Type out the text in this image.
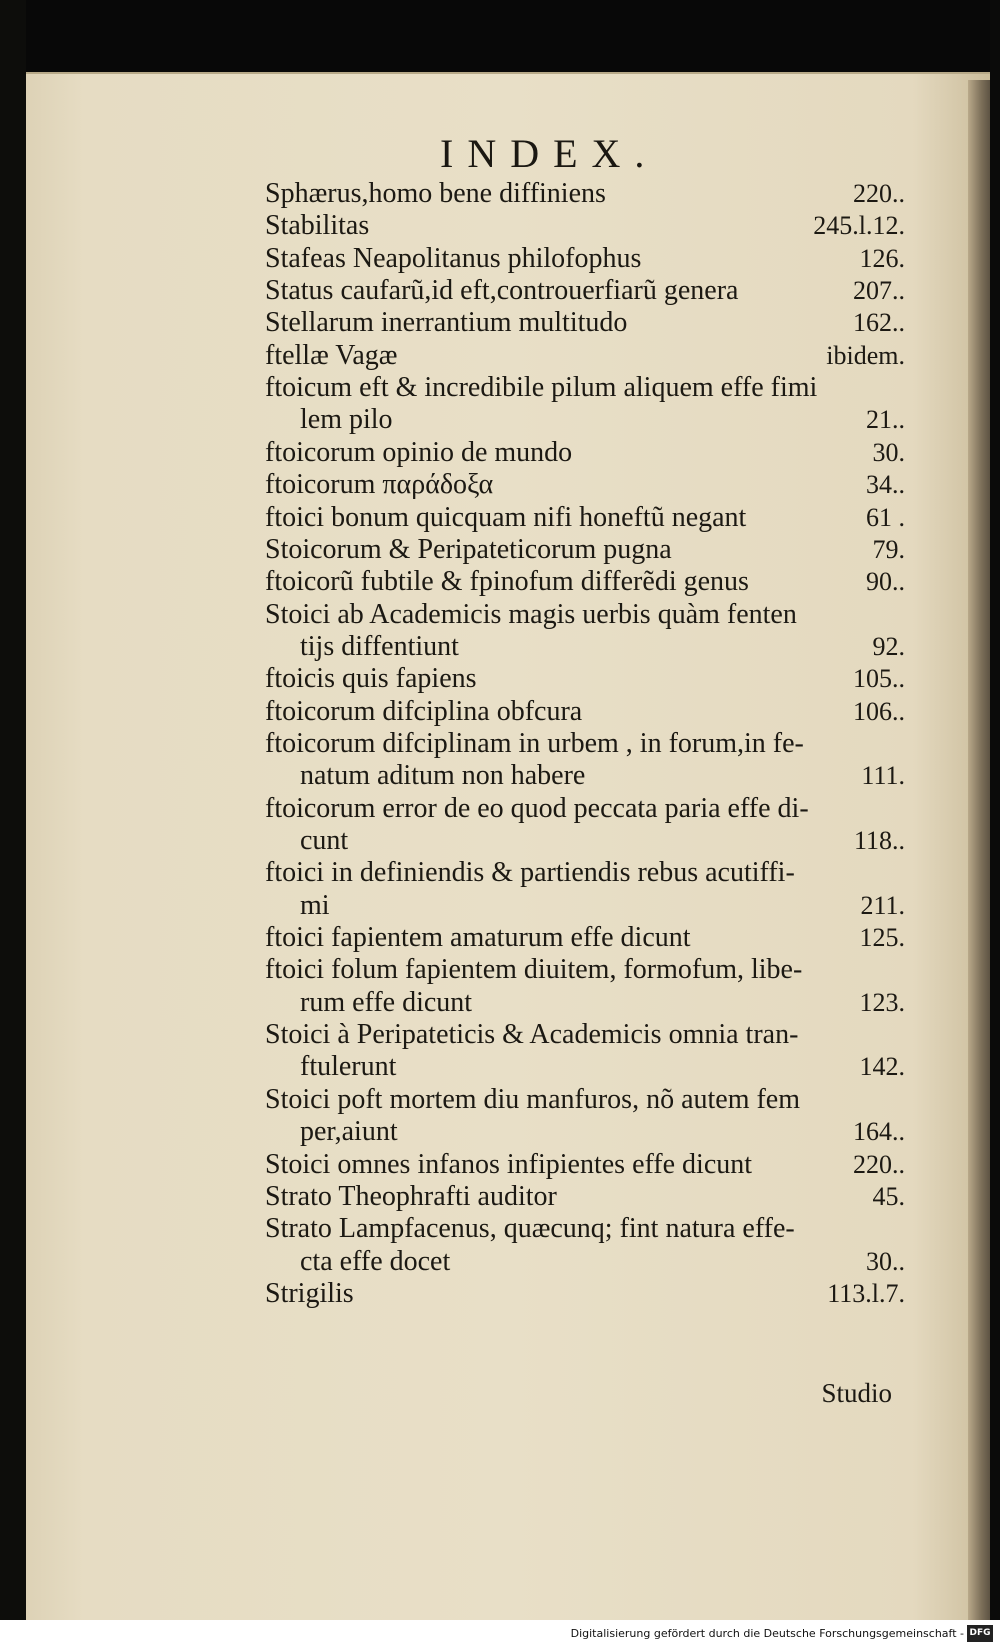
INDEX.
Sphærus,homo bene diffiniens	220..
Stabilitas	245.l.12.
Stafeas Neapolitanus philofophus	126.
Status caufarũ,id eft,controuerfiarũ genera	207..
Stellarum inerrantium multitudo	162..
ftellæ Vagæ	ibidem.
ftoicum eft & incredibile pilum aliquem effe fimi
lem pilo	21..
ftoicorum opinio de mundo	30.
ftoicorum παράδοξα	34..
ftoici bonum quicquam nifi honeftũ negant	61 .
Stoicorum & Peripateticorum pugna	79.
ftoicorũ fubtile & fpinofum differẽdi genus	90..
Stoici ab Academicis magis uerbis quàm fenten
tijs diffentiunt	92.
ftoicis quis fapiens	105..
ftoicorum difciplina obfcura	106..
ftoicorum difciplinam in urbem , in forum,in fe-
natum aditum non habere	111.
ftoicorum error de eo quod peccata paria effe di-
cunt	118..
ftoici in definiendis & partiendis rebus acutiffi-
mi	211.
ftoici fapientem amaturum effe dicunt	125.
ftoici folum fapientem diuitem, formofum, libe-
rum effe dicunt	123.
Stoici à Peripateticis & Academicis omnia tran-
ftulerunt	142.
Stoici poft mortem diu manfuros, nõ autem fem
per,aiunt	164..
Stoici omnes infanos infipientes effe dicunt	220..
Strato Theophrafti auditor	45.
Strato Lampfacenus, quæcunq; fint natura effe-
cta effe docet	30..
Strigilis	113.l.7.
Studio
Digitalisierung gefördert durch die Deutsche Forschungsgemeinschaft - DFG
